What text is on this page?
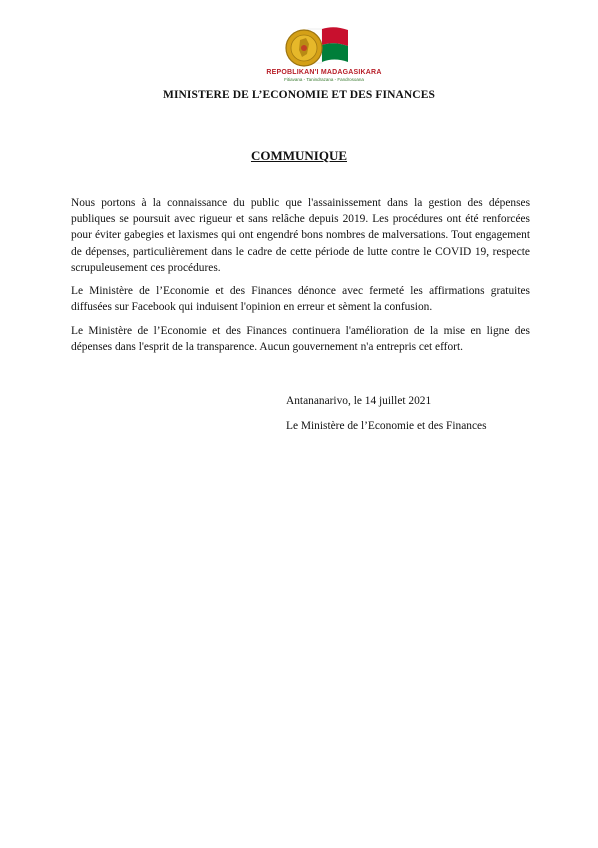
REPOBLIKAN'I MADAGASIKARA
Fitiavana - Tanindrazana - Fandrosoana
MINISTERE DE L’ECONOMIE ET DES FINANCES
COMMUNIQUE

Nous portons à la connaissance du public que l'assainissement dans la gestion des dépenses publiques se poursuit avec rigueur et sans relâche depuis 2019. Les procédures ont été renforcées pour éviter gabegies et laxismes qui ont engendré bons nombres de malversations. Tout engagement de dépenses, particulièrement dans le cadre de cette période de lutte contre le COVID 19, respecte scrupuleusement ces procédures.

Le Ministère de l’Economie et des Finances dénonce avec fermeté les affirmations gratuites diffusées sur Facebook qui induisent l'opinion en erreur et sèment la confusion.

Le Ministère de l’Economie et des Finances continuera l'amélioration de la mise en ligne des dépenses dans l'esprit de la transparence. Aucun gouvernement n'a entrepris cet effort.

Antananarivo, le 14 juillet 2021
Le Ministère de l’Economie et des Finances
